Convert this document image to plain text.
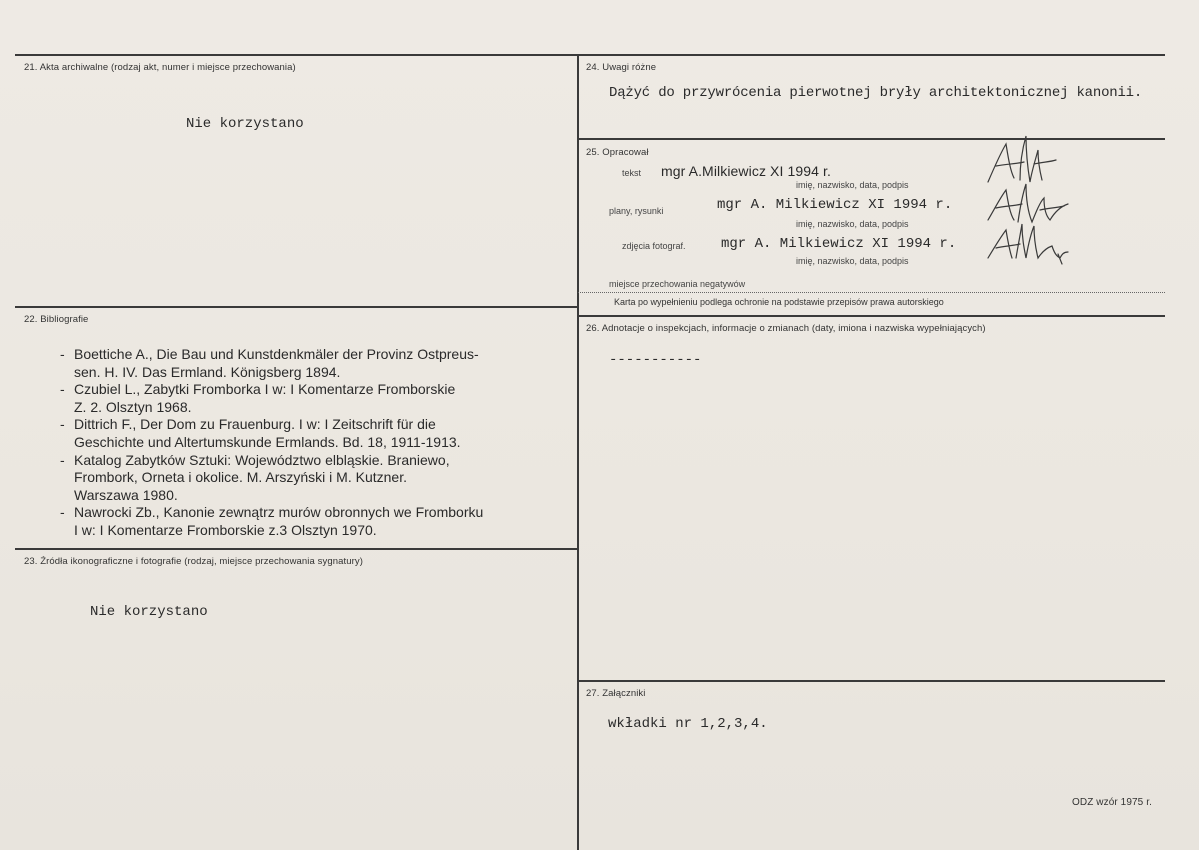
21. Akta archiwalne (rodzaj akt, numer i miejsce przechowania)
Nie korzystano
22. Bibliografie
- Boettiche A., Die Bau und Kunstdenkmäler der Provinz Ostpreus-
sen. H. IV. Das Ermland. Königsberg 1894.
- Czubiel L., Zabytki Fromborka I w: I Komentarze Fromborskie
Z. 2. Olsztyn 1968.
- Dittrich F., Der Dom zu Frauenburg. I w: I Zeitschrift für die
Geschichte und Altertumskunde Ermlands. Bd. 18, 1911-1913.
- Katalog Zabytków Sztuki: Województwo elbląskie. Braniewo,
Frombork, Orneta i okolice. M. Arszyński i M. Kutzner.
Warszawa 1980.
- Nawrocki Zb., Kanonie zewnątrz murów obronnych we Fromborku
I w: I Komentarze Fromborskie z.3 Olsztyn 1970.
23. Źródła ikonograficzne i fotografie (rodzaj, miejsce przechowania sygnatury)
Nie korzystano
24. Uwagi różne
Dążyć do przywrócenia pierwotnej bryły architektonicznej kanonii.
25. Opracował
tekst mgr A.Milkiewicz XI 1994 r.
imię, nazwisko, data, podpis
plany, rysunki	mgr A. Milkiewicz XI 1994 r.
imię, nazwisko, data, podpis
zdjęcia fotograf.	mgr A. Milkiewicz XI 1994 r.
imię, nazwisko, data, podpis
miejsce przechowania negatywów
Karta po wypełnieniu podlega ochronie na podstawie przepisów prawa autorskiego
26. Adnotacje o inspekcjach, informacje o zmianach (daty, imiona i nazwiska wypełniających)
-----------
27. Załączniki
wkładki nr 1,2,3,4.
ODZ wzór 1975 r.
